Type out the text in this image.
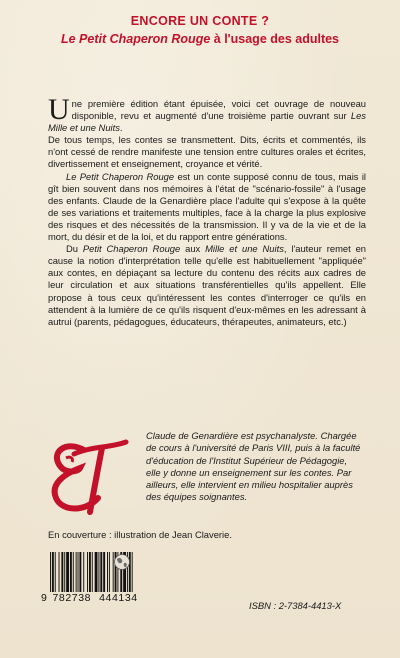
ENCORE UN CONTE ?
Le Petit Chaperon Rouge à l'usage des adultes

Une première édition étant épuisée, voici cet ouvrage de nouveau disponible, revu et augmenté d'une troisième partie ouvrant sur Les Mille et une Nuits.

De tous temps, les contes se transmettent. Dits, écrits et commentés, ils n'ont cessé de rendre manifeste une tension entre cultures orales et écrites, divertissement et enseignement, croyance et vérité.

Le Petit Chaperon Rouge est un conte supposé connu de tous, mais il gît bien souvent dans nos mémoires à l'état de "scénario-fossile" à l'usage des enfants. Claude de la Genardière place l'adulte qui s'expose à la quête de ses variations et traitements multiples, face à la charge la plus explosive des risques et des nécessités de la transmission. Il y va de la vie et de la mort, du désir et de la loi, et du rapport entre générations.

Du Petit Chaperon Rouge aux Mille et une Nuits, l'auteur remet en cause la notion d'interprétation telle qu'elle est habituellement "appliquée" aux contes, en dépiaçant sa lecture du contenu des récits aux cadres de leur circulation et aux situations transférentielles qu'ils appellent. Elle propose à tous ceux qu'intéressent les contes d'interroger ce qu'ils en attendent à la lumière de ce qu'ils risquent d'eux-mêmes en les adressant à autrui (parents, pédagogues, éducateurs, thérapeutes, animateurs, etc.)

Claude de Genardière est psychanalyste. Chargée de cours à l'université de Paris VIII, puis à la faculté d'éducation de l'Institut Supérieur de Pédagogie, elle y donne un enseignement sur les contes. Par ailleurs, elle intervient en milieu hospitalier auprès des équipes soignantes.
En couverture : illustration de Jean Claverie.
9 782738 444134
ISBN : 2-7384-4413-X
